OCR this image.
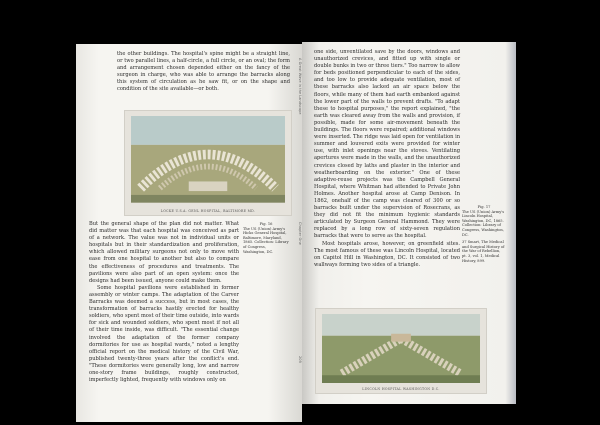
the other buildings. The hospital's spine might be a straight line, or two parallel lines, a half-circle, a full circle, or an oval; the form and arrangement chosen depended either on the fancy of the surgeon in charge, who was able to arrange the barracks along this system of circulation as he saw fit, or on the shape and condition of the site available—or both.
LOCKE U.S.A. GENL HOSPITAL, BALTIMORE MD.

But the general shape of the plan did not matter. What did matter was that each hospital was conceived as part of a network. The value was not in individual units or hospitals but in their standardization and proliferation, which allowed military surgeons not only to move with ease from one hospital to another but also to compare the effectiveness of procedures and treatments. The pavilions were also part of an open system: once the designs had been issued, anyone could make them.

Some hospital pavilions were established in former assembly or winter camps. The adaptation of the Carver Barracks was deemed a success, but in most cases, the transformation of barracks hastily erected for healthy soldiers, who spent most of their time outside, into wards for sick and wounded soldiers, who spent most if not all of their time inside, was difficult. "The essential change involved the adaptation of the former company dormitories for use as hospital wards," noted a lengthy official report on the medical history of the Civil War, published twenty-three years after the conflict's end. "These dormitories were generally long, low and narrow one-story frame buildings, roughly constructed, imperfectly lighted, frequently with windows only on

Fig. 16
The US (Union) Army's Hicks General Hospital, Baltimore, Maryland, 1865. Collection: Library of Congress, Washington, DC.
A Great Wave in the Landscape
Chapter One
209

one side, unventilated save by the doors, windows and unauthorized crevices, and fitted up with single or double bunks in two or three tiers." Too narrow to allow for beds positioned perpendicular to each of the sides, and too low to provide adequate ventilation, most of these barracks also lacked an air space below the floors, while many of them had earth embanked against the lower part of the walls to prevent drafts. "To adapt these to hospital purposes," the report explained, "the earth was cleared away from the walls and provision, if possible, made for some air-movement beneath the buildings. The floors were repaired; additional windows were inserted. The ridge was laid open for ventilation in summer and louvered exits were provided for winter use, with inlet openings near the stoves. Ventilating apertures were made in the walls, and the unauthorized crevices closed by laths and plaster in the interior and weatherboarding on the exterior." One of these adaptive-reuse projects was the Campbell General Hospital, where Whitman had attended to Private John Holmes. Another hospital arose at Camp Denison. In 1862, onehalf of the camp was cleared of 300 or so barracks built under the supervision of Rosecrans, as they did not fit the minimum hygienic standards articulated by Surgeon General Hammond. They were replaced by a long row of sixty-seven regulation barracks that were to serve as the hospital.

Most hospitals arose, however, on greenfield sites. The most famous of these was Lincoln Hospital, located on Capitol Hill in Washington, DC. It consisted of two wallways forming two sides of a triangle.

Fig. 17
The US (Union) Army's Lincoln Hospital, Washington, DC, 1865. Collection: Library of Congress, Washington, DC.
37 Smart, The Medical and Surgical History of the War of Rebellion, pt. 3, vol. 1, Medical History, 899.
LINCOLN HOSPITAL WASHINGTON D.C.
